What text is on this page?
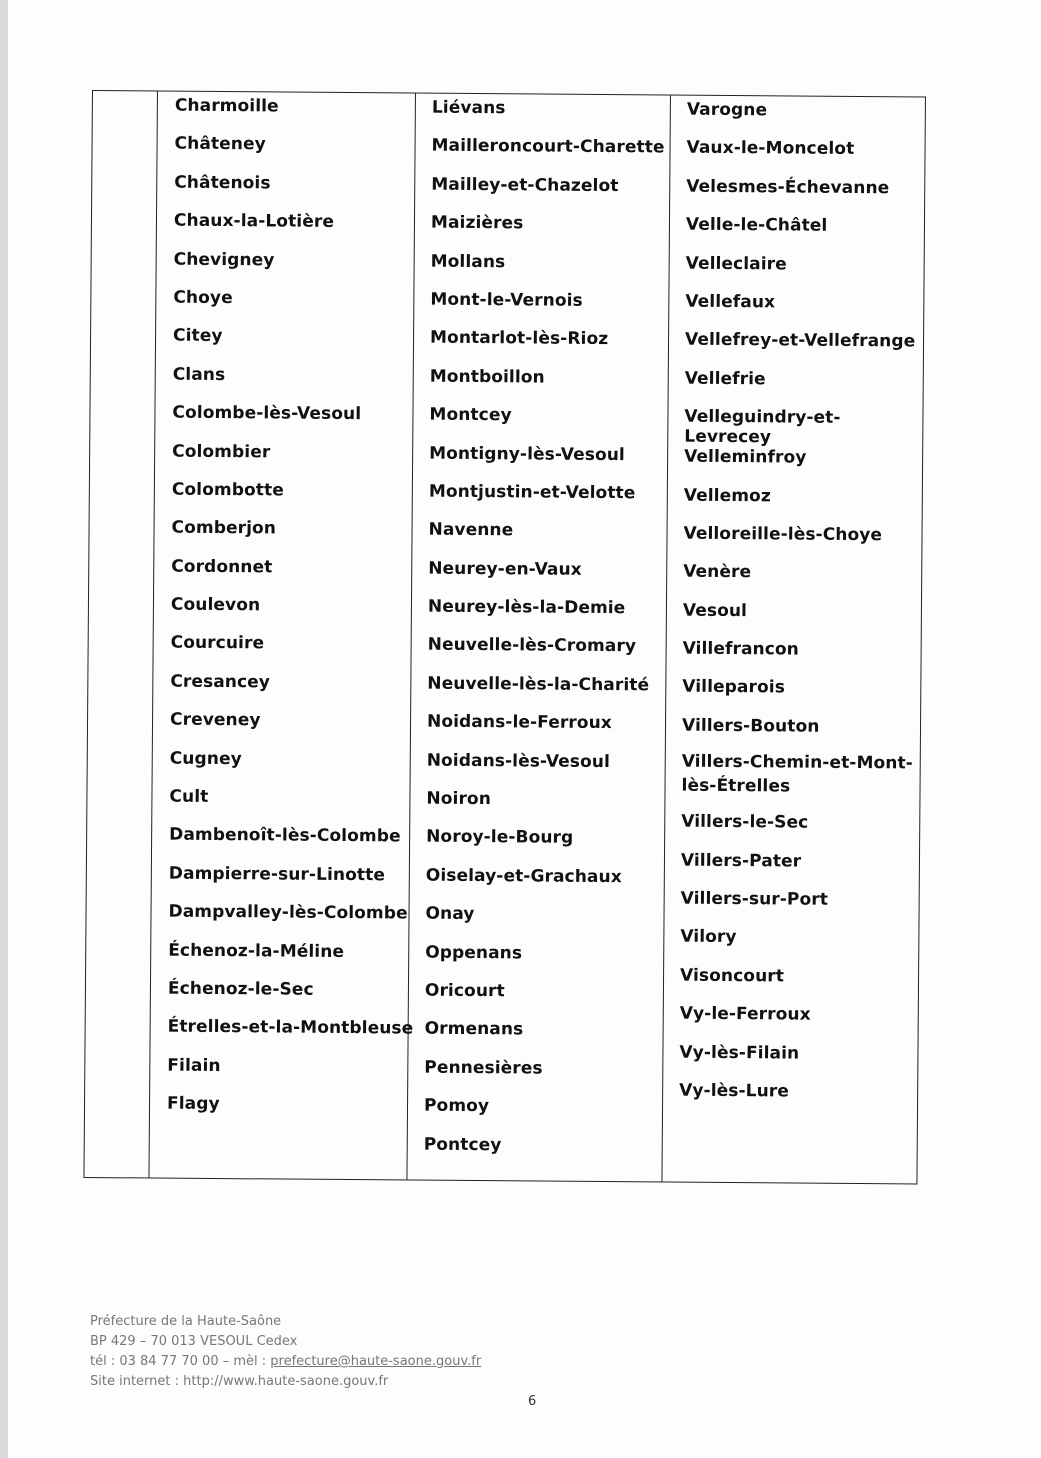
Charmoille
Châteney
Châtenois
Chaux-la-Lotière
Chevigney
Choye
Citey
Clans
Colombe-lès-Vesoul
Colombier
Colombotte
Comberjon
Cordonnet
Coulevon
Courcuire
Cresancey
Creveney
Cugney
Cult
Dambenoît-lès-Colombe
Dampierre-sur-Linotte
Dampvalley-lès-Colombe
Échenoz-la-Méline
Échenoz-le-Sec
Étrelles-et-la-Montbleuse
Filain
Flagy
Liévans
Mailleroncourt-Charette
Mailley-et-Chazelot
Maizières
Mollans
Mont-le-Vernois
Montarlot-lès-Rioz
Montboillon
Montcey
Montigny-lès-Vesoul
Montjustin-et-Velotte
Navenne
Neurey-en-Vaux
Neurey-lès-la-Demie
Neuvelle-lès-Cromary
Neuvelle-lès-la-Charité
Noidans-le-Ferroux
Noidans-lès-Vesoul
Noiron
Noroy-le-Bourg
Oiselay-et-Grachaux
Onay
Oppenans
Oricourt
Ormenans
Pennesières
Pomoy
Pontcey
Varogne
Vaux-le-Moncelot
Velesmes-Échevanne
Velle-le-Châtel
Velleclaire
Vellefaux
Vellefrey-et-Vellefrange
Vellefrie
Velleguindry-et-Levrecey
Velleminfroy
Vellemoz
Velloreille-lès-Choye
Venère
Vesoul
Villefrancon
Villeparois
Villers-Bouton
Villers-Chemin-et-Mont-lès-Étrelles
Villers-le-Sec
Villers-Pater
Villers-sur-Port
Vilory
Visoncourt
Vy-le-Ferroux
Vy-lès-Filain
Vy-lès-Lure
Préfecture de la Haute-Saône
BP 429 – 70 013 VESOUL Cedex
tél : 03 84 77 70 00 – mèl : prefecture@haute-saone.gouv.fr
Site internet : http://www.haute-saone.gouv.fr
6
